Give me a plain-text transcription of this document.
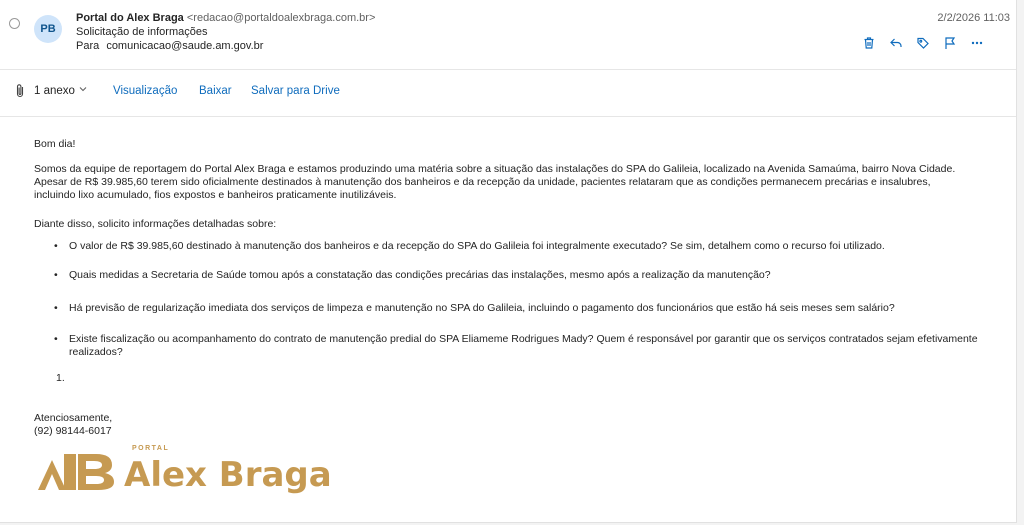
PB
Portal do Alex Braga <redacao@portaldoalexbraga.com.br>
Solicitação de informações
Para comunicacao@saude.am.gov.br
2/2/2026 11:03
1 anexo	Visualização Baixar Salvar para Drive

Bom dia!

Somos da equipe de reportagem do Portal Alex Braga e estamos produzindo uma matéria sobre a situação das instalações do SPA do Galileia, localizado na Avenida Samaúma, bairro Nova Cidade. Apesar de R$ 39.985,60 terem sido oficialmente destinados à manutenção dos banheiros e da recepção da unidade, pacientes relataram que as condições permanecem precárias e insalubres, incluindo lixo acumulado, fios expostos e banheiros praticamente inutilizáveis.

Diante disso, solicito informações detalhadas sobre:

• O valor de R$ 39.985,60 destinado à manutenção dos banheiros e da recepção do SPA do Galileia foi integralmente executado? Se sim, detalhem como o recurso foi utilizado.
• Quais medidas a Secretaria de Saúde tomou após a constatação das condições precárias das instalações, mesmo após a realização da manutenção?
• Há previsão de regularização imediata dos serviços de limpeza e manutenção no SPA do Galileia, incluindo o pagamento dos funcionários que estão há seis meses sem salário?
• Existe fiscalização ou acompanhamento do contrato de manutenção predial do SPA Eliameme Rodrigues Mady? Quem é responsável por garantir que os serviços contratados sejam efetivamente realizados?
1.
Atenciosamente,
(92) 98144-6017
PORTAL
Alex Braga
